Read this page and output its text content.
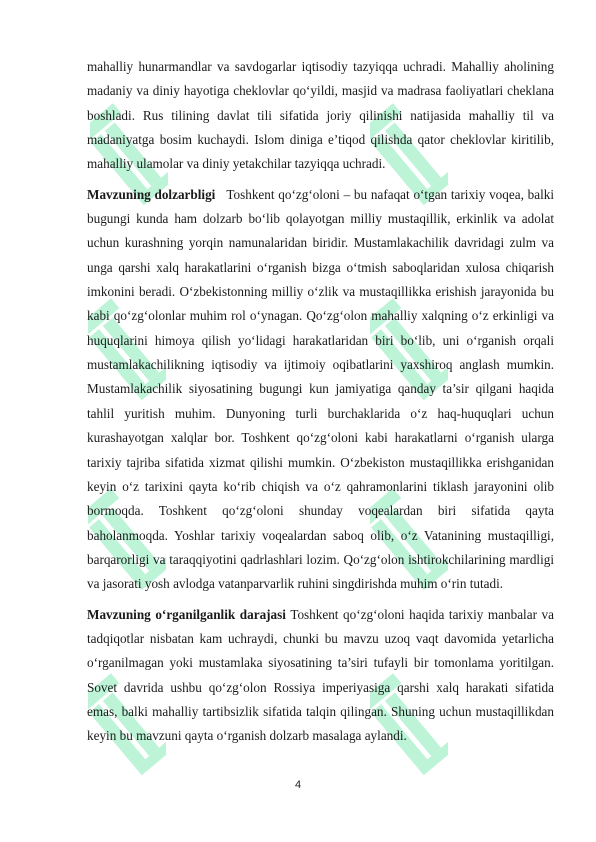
mahalliy hunarmandlar va savdogarlar iqtisodiy tazyiqqa uchradi. Mahalliy aholining madaniy va diniy hayotiga cheklovlar qo‘yildi, masjid va madrasa faoliyatlari cheklana boshladi. Rus tilining davlat tili sifatida joriy qilinishi natijasida mahalliy til va madaniyatga bosim kuchaydi. Islom diniga e’tiqod qilishda qator cheklovlar kiritilib, mahalliy ulamolar va diniy yetakchilar tazyiqqa uchradi.

Mavzuning dolzarbligi Toshkent qo‘zg‘oloni – bu nafaqat o‘tgan tarixiy voqea, balki bugungi kunda ham dolzarb bo‘lib qolayotgan milliy mustaqillik, erkinlik va adolat uchun kurashning yorqin namunalaridan biridir. Mustamlakachilik davridagi zulm va unga qarshi xalq harakatlarini o‘rganish bizga o‘tmish saboqlaridan xulosa chiqarish imkonini beradi. O‘zbekistonning milliy o‘zlik va mustaqillikka erishish jarayonida bu kabi qo‘zg‘olonlar muhim rol o‘ynagan. Qo‘zg‘olon mahalliy xalqning o‘z erkinligi va huquqlarini himoya qilish yo‘lidagi harakatlaridan biri bo‘lib, uni o‘rganish orqali mustamlakachilikning iqtisodiy va ijtimoiy oqibatlarini yaxshiroq anglash mumkin. Mustamlakachilik siyosatining bugungi kun jamiyatiga qanday ta’sir qilgani haqida tahlil yuritish muhim. Dunyoning turli burchaklarida o‘z haq-huquqlari uchun kurashayotgan xalqlar bor. Toshkent qo‘zg‘oloni kabi harakatlarni o‘rganish ularga tarixiy tajriba sifatida xizmat qilishi mumkin. O‘zbekiston mustaqillikka erishganidan keyin o‘z tarixini qayta ko‘rib chiqish va o‘z qahramonlarini tiklash jarayonini olib bormoqda. Toshkent qo‘zg‘oloni shunday voqealardan biri sifatida qayta baholanmoqda. Yoshlar tarixiy voqealardan saboq olib, o‘z Vatanining mustaqilligi, barqarorligi va taraqqiyotini qadrlashlari lozim. Qo‘zg‘olon ishtirokchilarining mardligi va jasorati yosh avlodga vatanparvarlik ruhini singdirishda muhim o‘rin tutadi.

Mavzuning o‘rganilganlik darajasi Toshkent qo‘zg‘oloni haqida tarixiy manbalar va tadqiqotlar nisbatan kam uchraydi, chunki bu mavzu uzoq vaqt davomida yetarlicha o‘rganilmagan yoki mustamlaka siyosatining ta’siri tufayli bir tomonlama yoritilgan. Sovet davrida ushbu qo‘zg‘olon Rossiya imperiyasiga qarshi xalq harakati sifatida emas, balki mahalliy tartibsizlik sifatida talqin qilingan. Shuning uchun mustaqillikdan keyin bu mavzuni qayta o‘rganish dolzarb masalaga aylandi.

4
